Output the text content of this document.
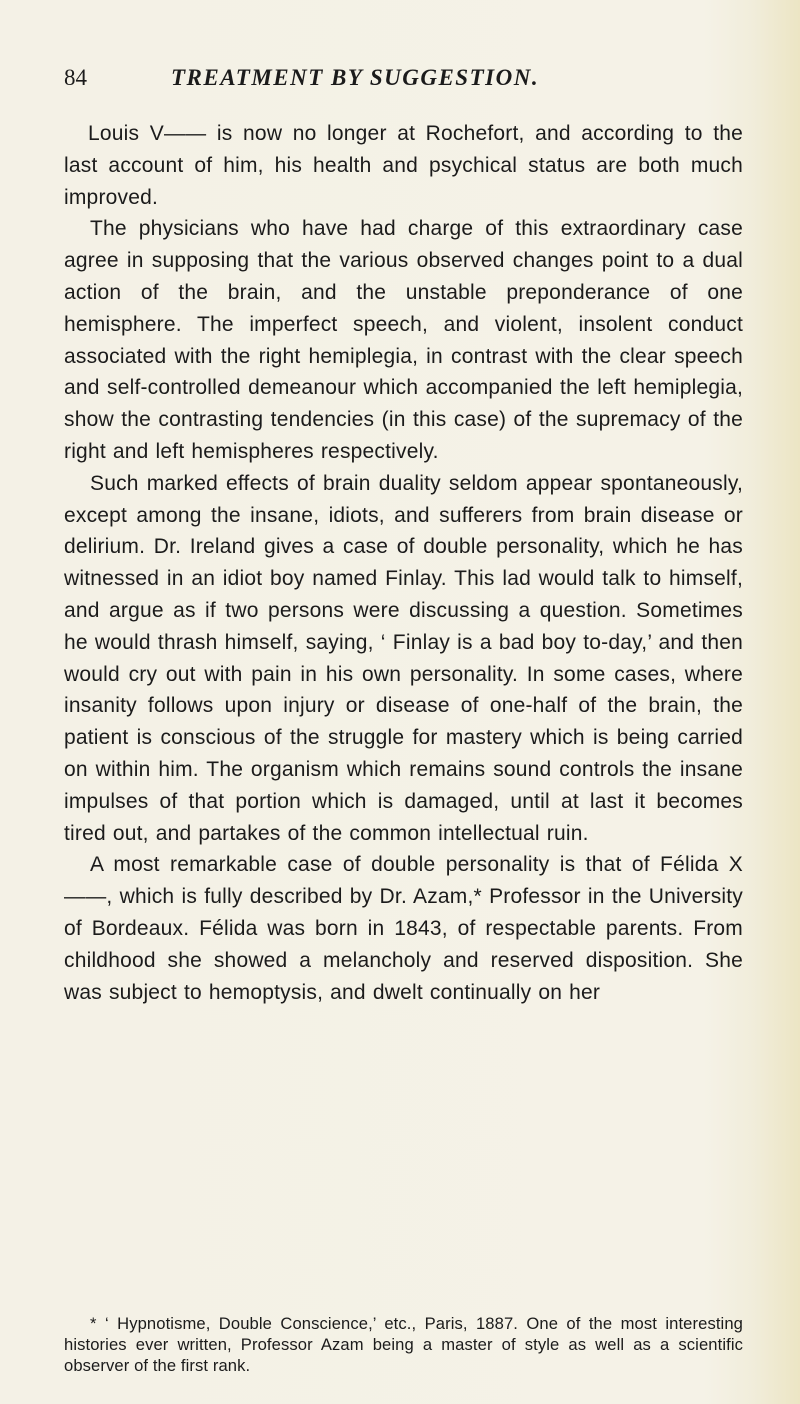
84	TREATMENT BY SUGGESTION.

Louis V—— is now no longer at Rochefort, and according to the last account of him, his health and psychical status are both much improved.

The physicians who have had charge of this extraordinary case agree in supposing that the various observed changes point to a dual action of the brain, and the unstable preponderance of one hemisphere. The imperfect speech, and violent, insolent conduct associated with the right hemiplegia, in contrast with the clear speech and self-controlled demeanour which accompanied the left hemiplegia, show the contrasting tendencies (in this case) of the supremacy of the right and left hemispheres respectively.

Such marked effects of brain duality seldom appear spontaneously, except among the insane, idiots, and sufferers from brain disease or delirium. Dr. Ireland gives a case of double personality, which he has witnessed in an idiot boy named Finlay. This lad would talk to himself, and argue as if two persons were discussing a question. Sometimes he would thrash himself, saying, ‘ Finlay is a bad boy to-day,’ and then would cry out with pain in his own personality. In some cases, where insanity follows upon injury or disease of one-half of the brain, the patient is conscious of the struggle for mastery which is being carried on within him. The organism which remains sound controls the insane impulses of that portion which is damaged, until at last it becomes tired out, and partakes of the common intellectual ruin.

A most remarkable case of double personality is that of Félida X——, which is fully described by Dr. Azam,* Professor in the University of Bordeaux. Félida was born in 1843, of respectable parents. From childhood she showed a melancholy and reserved disposition. She was subject to hemoptysis, and dwelt continually on her

* ‘ Hypnotisme, Double Conscience,’ etc., Paris, 1887. One of the most interesting histories ever written, Professor Azam being a master of style as well as a scientific observer of the first rank.
